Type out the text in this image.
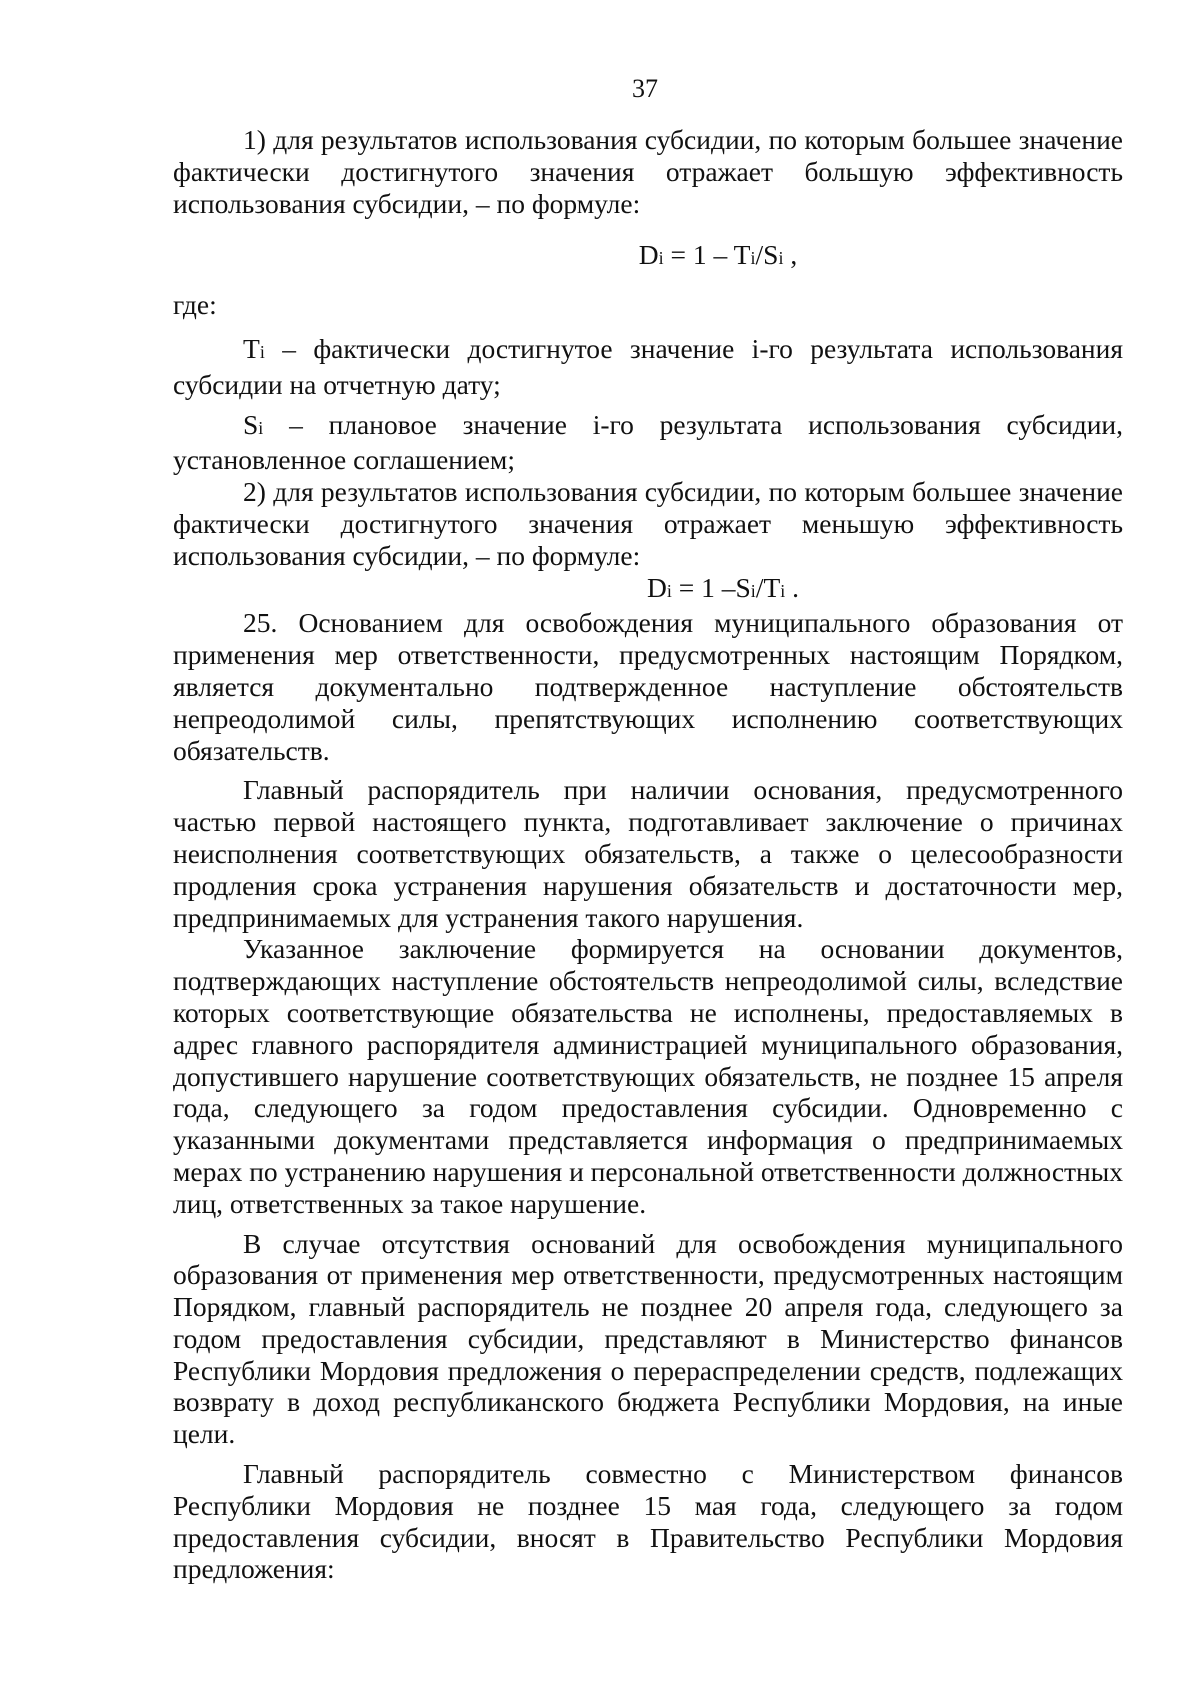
37

1) для результатов использования субсидии, по которым большее значение фактически достигнутого значения отражает большую эффективность использования субсидии, – по формуле:

Di = 1 – Ti/Si ,

где:

Ti – фактически достигнутое значение i-го результата использования субсидии на отчетную дату;

Si – плановое значение i-го результата использования субсидии, установленное соглашением;

2) для результатов использования субсидии, по которым большее значение фактически достигнутого значения отражает меньшую эффективность использования субсидии, – по формуле:

Di = 1 –Si/Ti .

25. Основанием для освобождения муниципального образования от применения мер ответственности, предусмотренных настоящим Порядком, является документально подтвержденное наступление обстоятельств непреодолимой силы, препятствующих исполнению соответствующих обязательств.

Главный распорядитель при наличии основания, предусмотренного частью первой настоящего пункта, подготавливает заключение о причинах неисполнения соответствующих обязательств, а также о целесообразности продления срока устранения нарушения обязательств и достаточности мер, предпринимаемых для устранения такого нарушения.

Указанное заключение формируется на основании документов, подтверждающих наступление обстоятельств непреодолимой силы, вследствие которых соответствующие обязательства не исполнены, предоставляемых в адрес главного распорядителя администрацией муниципального образования, допустившего нарушение соответствующих обязательств, не позднее 15 апреля года, следующего за годом предоставления субсидии. Одновременно с указанными документами представляется информация о предпринимаемых мерах по устранению нарушения и персональной ответственности должностных лиц, ответственных за такое нарушение.

В случае отсутствия оснований для освобождения муниципального образования от применения мер ответственности, предусмотренных настоящим Порядком, главный распорядитель не позднее 20 апреля года, следующего за годом предоставления субсидии, представляют в Министерство финансов Республики Мордовия предложения о перераспределении средств, подлежащих возврату в доход республиканского бюджета Республики Мордовия, на иные цели.

Главный распорядитель совместно с Министерством финансов Республики Мордовия не позднее 15 мая года, следующего за годом предоставления субсидии, вносят в Правительство Республики Мордовия предложения:
